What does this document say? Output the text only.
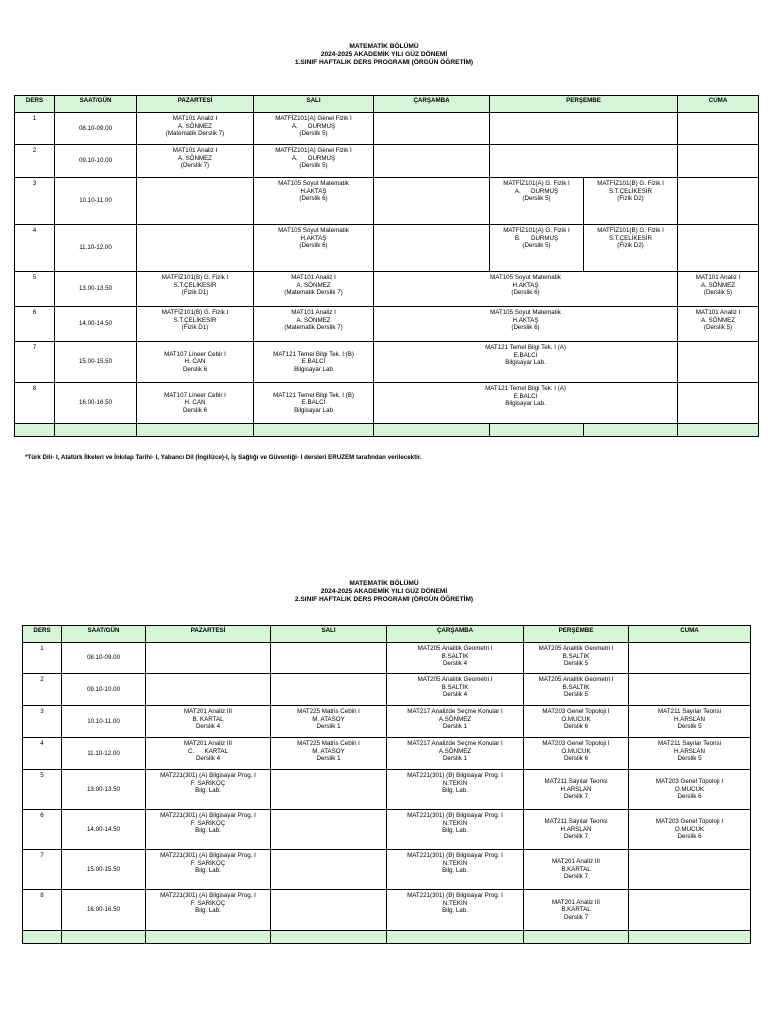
MATEMATİK BÖLÜMÜ
2024-2025 AKADEMİK YILI GÜZ DÖNEMİ
1.SINIF HAFTALIK DERS PROGRAMI (ÖRGÜN ÖĞRETİM)
DERS	SAAT/GÜN	PAZARTESİ	SALI	ÇARŞAMBA	PERŞEMBE		CUMA
1	08.10-09.00	MAT101 Analiz I
A. SÖNMEZ
(Matematik Derslik 7)	MATFİZ101(A) Genel Fizik I
A.      DURMUŞ
(Derslik 5)				

2	09.10-10.00	MAT101 Analiz I
A. SÖNMEZ
(Derslik 7)	MATFİZ101(A) Genel Fizik I
A.      DURMUŞ
(Derslik 5)				

3	10.10-11.00		MAT105 Soyut Matematik
H.AKTAŞ
(Derslik 6)		MATFİZ101(A) G. Fizik I
A.      DURMUŞ
(Derslik 5)	MATFİZ101(B) G. Fizik I
S.T.ÇELİKESİR
(Fizik D2)	

4	11.10-12.00		MAT105 Soyut Matematik
H.AKTAŞ
(Derslik 6)		MATFİZ101(A) G. Fizik I
B.      DURMUŞ
(Derslik 5)	MATFİZ101(B) G. Fizik I
S.T.ÇELİKESİR
(Fizik D2)	

5	13.00-13.50	MATFİZ101(B) G. Fizik I
S.T.ÇELİKESİR
(Fizik D1)	MAT101 Analiz I
A. SÖNMEZ
(Matematik Derslik 7)	MAT105 Soyut Matematik
H.AKTAŞ
(Derslik 6)			MAT101 Analiz I
A. SÖNMEZ
(Derslik 5)

6	14.00-14.50	MATFİZ101(B) G. Fizik I
S.T.ÇELİKESİR
(Fizik D1)	MAT101 Analiz I
A. SÖNMEZ
(Matematik Derslik 7)	MAT105 Soyut Matematik
H.AKTAŞ
(Derslik 6)			MAT101 Analiz I
A. SÖNMEZ
(Derslik 5)

7	15.00-15.50	MAT107 Lineer Cebir I
H. CAN
Derslik 6	MAT121 Temel Bilgi Tek. I (B)
E.BALCI
Bilgisayar Lab	MAT121 Temel Bilgi Tek. I (A)
E.BALCI
Bilgisayar Lab.			

8	16.00-16.50	MAT107 Lineer Cebir I
H. CAN
Derslik 6	MAT121 Temel Bilgi Tek. I (B)
E.BALCI
Bilgisayar Lab	MAT121 Temel Bilgi Tek. I (A)
E.BALCI
Bilgisayar Lab.			

*Türk Dili- I, Atatürk İlkeleri ve İnkılap Tarihi- I, Yabancı Dil (İngilizce)-I, İş Sağlığı ve Güvenliği- I dersleri ERUZEM tarafından verilecektir.
MATEMATİK BÖLÜMÜ
2024-2025 AKADEMİK YILI GÜZ DÖNEMİ
2.SINIF HAFTALIK DERS PROGRAMI (ÖRGÜN ÖĞRETİM)
DERS	SAAT/GÜN	PAZARTESİ	SALI	ÇARŞAMBA	PERŞEMBE	CUMA
1	08.10-09.00			MAT205 Analitik Geometri I
B.SALTIK
Derslik 4	MAT205 Analitik Geometri I
B.SALTIK
Derslik 5	

2	09.10-10.00			MAT205 Analitik Geometri I
B.SALTIK
Derslik 4	MAT205 Analitik Geometri I
B.SALTIK
Derslik 5	

3	10.10-11.00	MAT201 Analiz III
B. KARTAL
Derslik 4	MAT225 Matris Cebiri I
M. ATASOY
Derslik 1	MAT217 Analizde Seçme Konular I
A.SÖNMEZ
Derslik 1	MAT203 Genel Topoloji I
O.MUCUK
Derslik 6	MAT211 Sayılar Teorisi
H.ARSLAN
Derslik 5

4	11.10-12.00	MAT201 Analiz III
C.      KARTAL
Derslik 4	MAT225 Matris Cebiri I
M. ATASOY
Derslik 1	MAT217 Analizde Seçme Konular I
A.SÖNMEZ
Derslik 1	MAT203 Genel Topoloji I
O.MUCUK
Derslik 6	MAT211 Sayılar Teorisi
H.ARSLAN
Derslik 5

5	13.00-13.50	MAT221(301) (A) Bilgisayar Prog. I
F. SARIKOÇ
Bilg. Lab.		MAT221(301) (B) Bilgisayar Prog. I
N.TEKİN
Bilg. Lab.	MAT211 Sayılar Teorisi
H.ARSLAN
Derslik 7	MAT203 Genel Topoloji I
O.MUCUK
Derslik 6

6	14.00-14.50	MAT221(301) (A) Bilgisayar Prog. I
F. SARIKOÇ
Bilg. Lab.		MAT221(301) (B) Bilgisayar Prog. I
N.TEKİN
Bilg. Lab.	MAT211 Sayılar Teorisi
H.ARSLAN
Derslik 7	MAT203 Genel Topoloji I
O.MUCUK
Derslik 6

7	15.00-15.50	MAT221(301) (A) Bilgisayar Prog. I
F. SARIKOÇ
Bilg. Lab.		MAT221(301) (B) Bilgisayar Prog. I
N.TEKİN
Bilg. Lab.	MAT201 Analiz III
B.KARTAL
Derslik 7	

8	16.00-16.50	MAT221(301) (A) Bilgisayar Prog. I
F. SARIKOÇ
Bilg. Lab.		MAT221(301) (B) Bilgisayar Prog. I
N.TEKİN
Bilg. Lab.	MAT201 Analiz III
B.KARTAL
Derslik 7	
